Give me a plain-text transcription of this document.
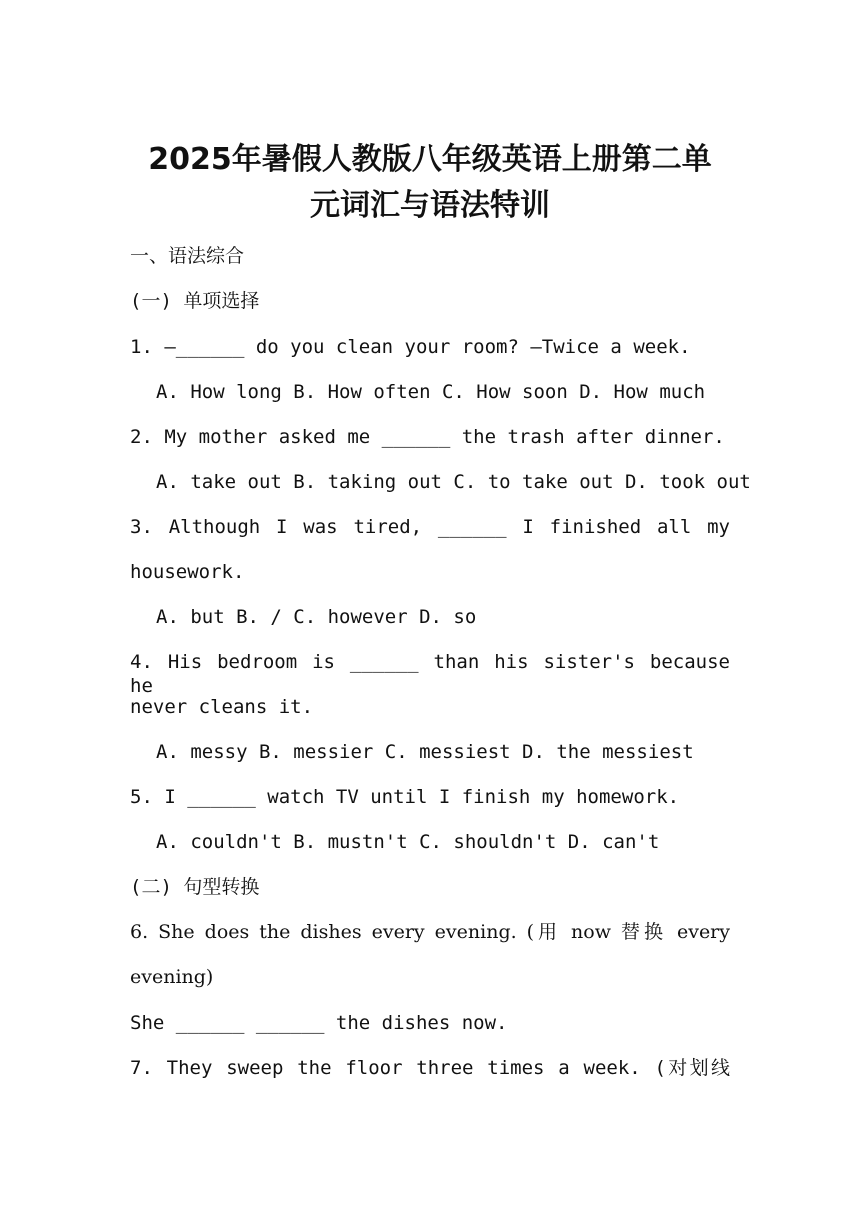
2025年暑假人教版八年级英语上册第二单
元词汇与语法特训

一、语法综合

(一) 单项选择

1. —______ do you clean your room? —Twice a week.

A. How long B. How often C. How soon D. How much

2. My mother asked me ______ the trash after dinner.

A. take out B. taking out C. to take out D. took out

3. Although I was tired, ______ I finished all my

housework.

A. but B. / C. however D. so

4. His bedroom is ______ than his sister's because he

never cleans it.

A. messy B. messier C. messiest D. the messiest

5. I ______ watch TV until I finish my homework.

A. couldn't B. mustn't C. shouldn't D. can't

(二) 句型转换

6. She does the dishes every evening. (用 now 替换 every

evening)

She ______ ______ the dishes now.

7. They sweep the floor three times a week. (对划线
